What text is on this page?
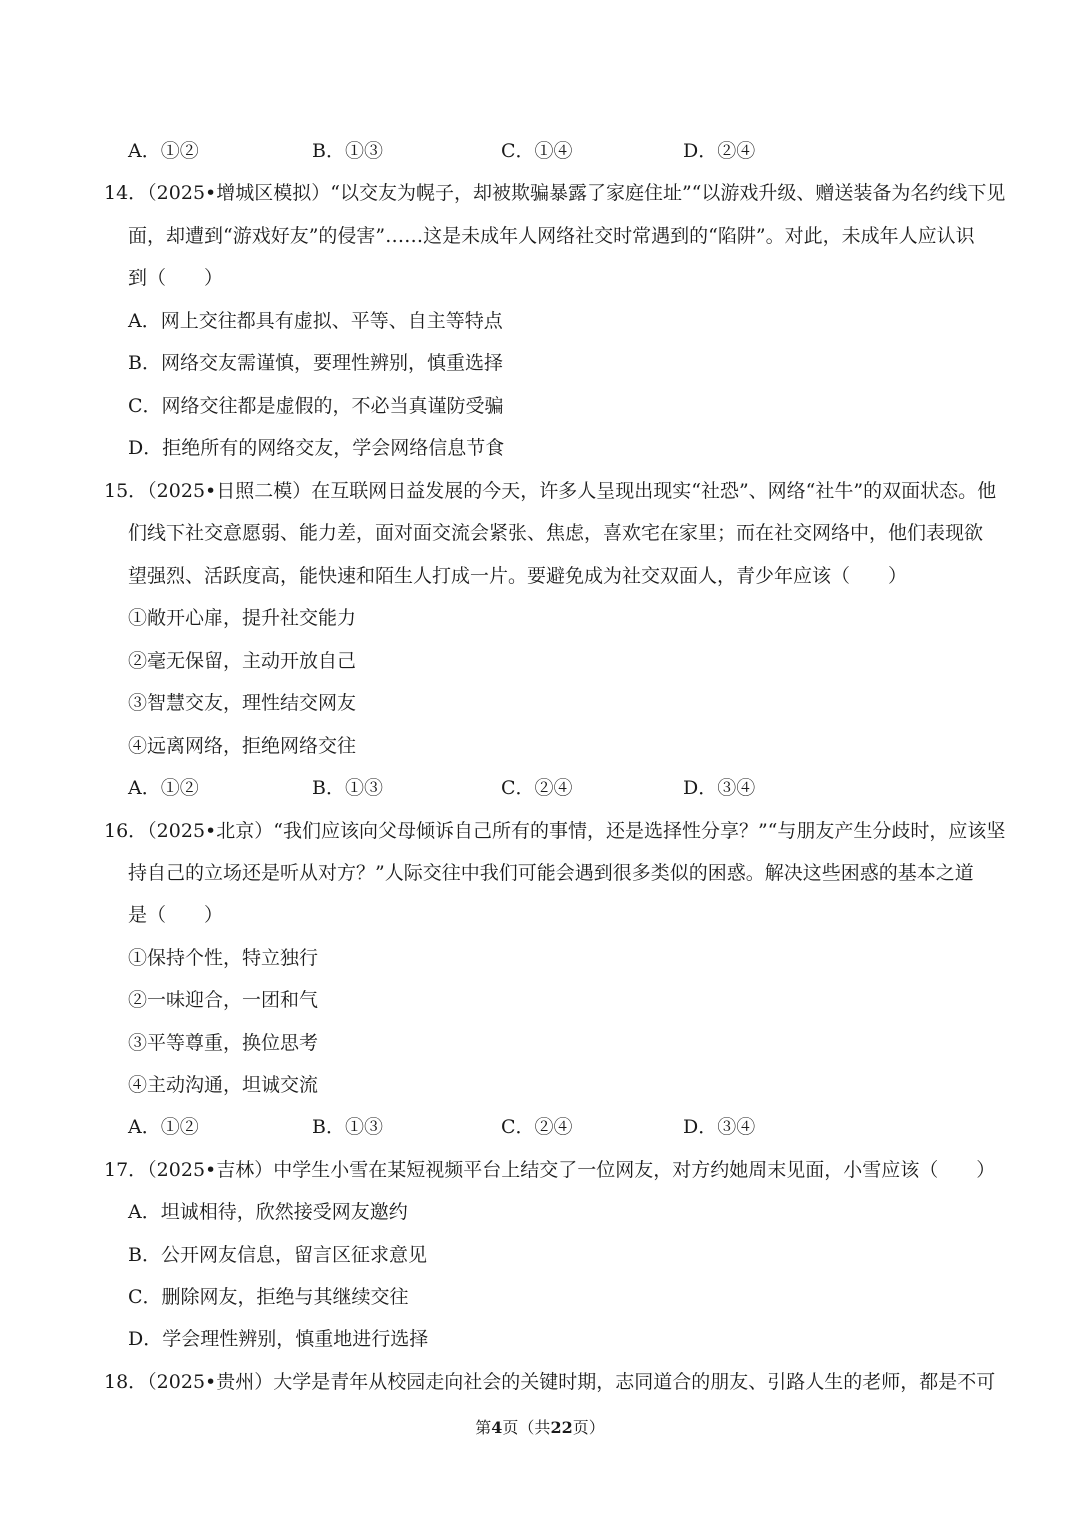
A．①②	B．①③	C．①④	D．②④
14．（2025•增城区模拟）“以交友为幌子，却被欺骗暴露了家庭住址”“以游戏升级、赠送装备为名约线下见
面，却遭到“游戏好友”的侵害”……这是未成年人网络社交时常遇到的“陷阱”。对此，未成年人应认识
到（　　）
A．网上交往都具有虚拟、平等、自主等特点
B．网络交友需谨慎，要理性辨别，慎重选择
C．网络交往都是虚假的，不必当真谨防受骗
D．拒绝所有的网络交友，学会网络信息节食
15．（2025•日照二模）在互联网日益发展的今天，许多人呈现出现实“社恐”、网络“社牛”的双面状态。他
们线下社交意愿弱、能力差，面对面交流会紧张、焦虑，喜欢宅在家里；而在社交网络中，他们表现欲
望强烈、活跃度高，能快速和陌生人打成一片。要避免成为社交双面人，青少年应该（　　）
①敞开心扉，提升社交能力
②毫无保留，主动开放自己
③智慧交友，理性结交网友
④远离网络，拒绝网络交往
A．①②	B．①③	C．②④	D．③④
16．（2025•北京）“我们应该向父母倾诉自己所有的事情，还是选择性分享？”“与朋友产生分歧时，应该坚
持自己的立场还是听从对方？”人际交往中我们可能会遇到很多类似的困惑。解决这些困惑的基本之道
是（　　）
①保持个性，特立独行
②一味迎合，一团和气
③平等尊重，换位思考
④主动沟通，坦诚交流
A．①②	B．①③	C．②④	D．③④
17．（2025•吉林）中学生小雪在某短视频平台上结交了一位网友，对方约她周末见面，小雪应该（　　）
A．坦诚相待，欣然接受网友邀约
B．公开网友信息，留言区征求意见
C．删除网友，拒绝与其继续交往
D．学会理性辨别，慎重地进行选择
18．（2025•贵州）大学是青年从校园走向社会的关键时期，志同道合的朋友、引路人生的老师，都是不可
第4页（共22页）
